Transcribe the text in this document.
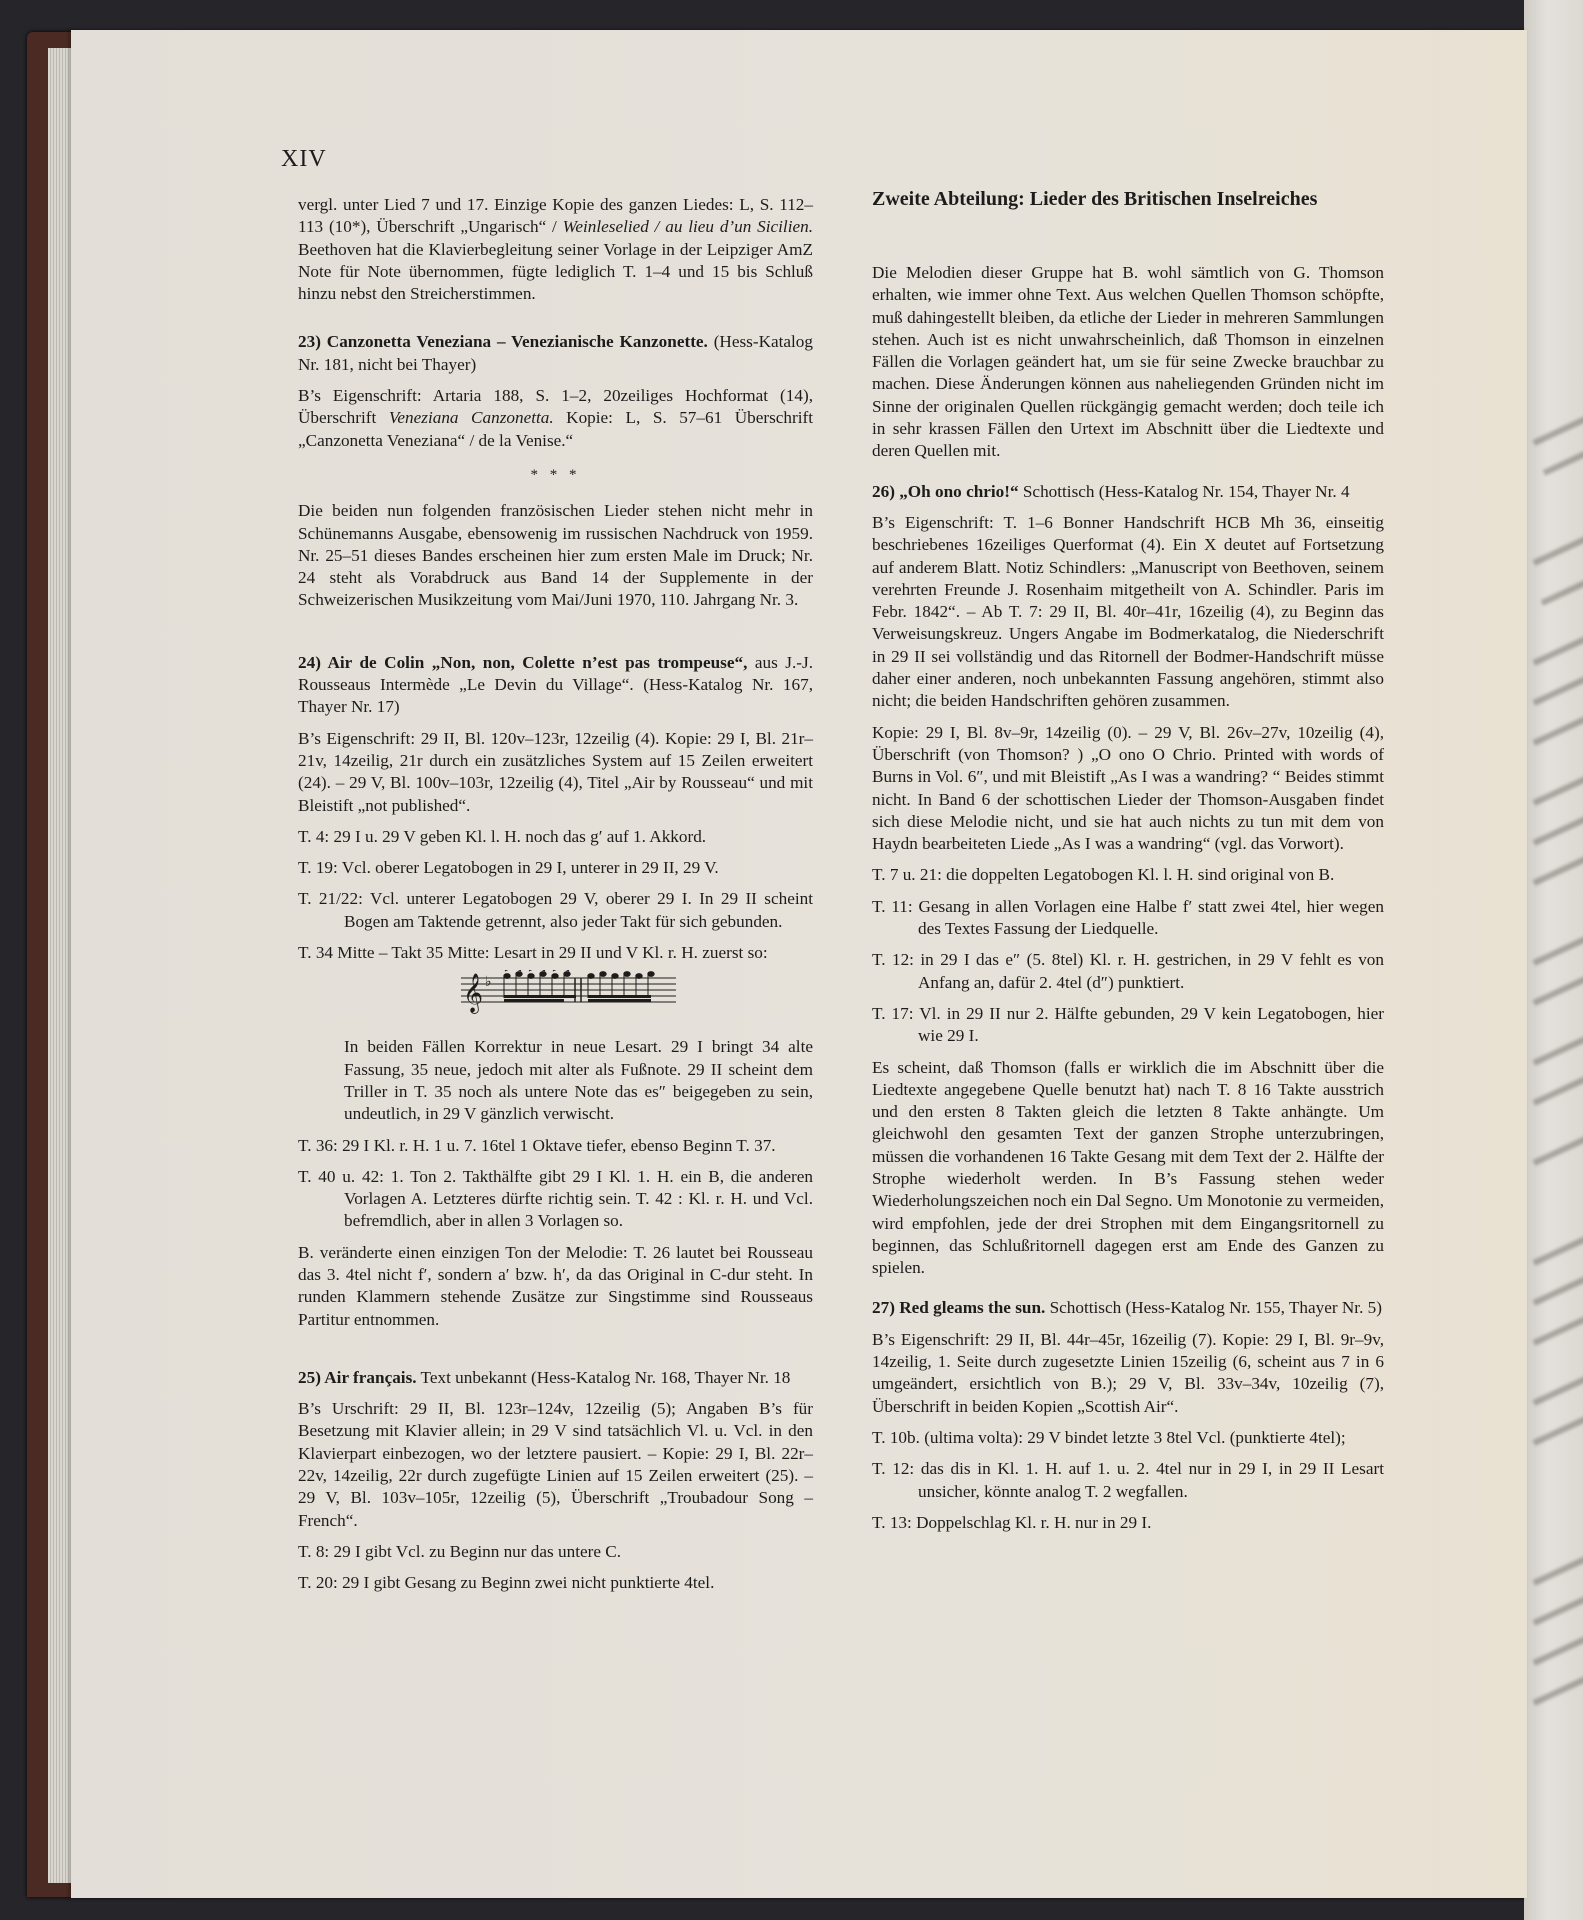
XIV

vergl. unter Lied 7 und 17. Einzige Kopie des ganzen Liedes: L, S. 112–113 (10*), Überschrift „Ungarisch“ / Weinleselied / au lieu d’un Sicilien. Beethoven hat die Klavierbegleitung seiner Vorlage in der Leipziger AmZ Note für Note übernommen, fügte lediglich T. 1–4 und 15 bis Schluß hinzu nebst den Streicherstimmen.

23) Canzonetta Veneziana – Venezianische Kanzonette. (Hess-Katalog Nr. 181, nicht bei Thayer)

B’s Eigenschrift: Artaria 188, S. 1–2, 20zeiliges Hochformat (14), Überschrift Veneziana Canzonetta. Kopie: L, S. 57–61 Überschrift „Canzonetta Veneziana“ / de la Venise.“

* * *

Die beiden nun folgenden französischen Lieder stehen nicht mehr in Schünemanns Ausgabe, ebensowenig im russischen Nachdruck von 1959. Nr. 25–51 dieses Bandes erscheinen hier zum ersten Male im Druck; Nr. 24 steht als Vorabdruck aus Band 14 der Supplemente in der Schweizerischen Musikzeitung vom Mai/Juni 1970, 110. Jahrgang Nr. 3.

24) Air de Colin „Non, non, Colette n’est pas trompeuse“, aus J.-J. Rousseaus Intermède „Le Devin du Village“. (Hess-Katalog Nr. 167, Thayer Nr. 17)

B’s Eigenschrift: 29 II, Bl. 120v–123r, 12zeilig (4). Kopie: 29 I, Bl. 21r–21v, 14zeilig, 21r durch ein zusätzliches System auf 15 Zeilen erweitert (24). – 29 V, Bl. 100v–103r, 12zeilig (4), Titel „Air by Rousseau“ und mit Bleistift „not published“.

T. 4: 29 I u. 29 V geben Kl. l. H. noch das g′ auf 1. Akkord.

T. 19: Vcl. oberer Legatobogen in 29 I, unterer in 29 II, 29 V.

T. 21/22: Vcl. unterer Legatobogen 29 V, oberer 29 I. In 29 II scheint Bogen am Taktende getrennt, also jeder Takt für sich gebunden.

T. 34 Mitte – Takt 35 Mitte: Lesart in 29 II und V Kl. r. H. zuerst so:

𝄞 ♭

In beiden Fällen Korrektur in neue Lesart. 29 I bringt 34 alte Fassung, 35 neue, jedoch mit alter als Fußnote. 29 II scheint dem Triller in T. 35 noch als untere Note das es″ beigegeben zu sein, undeutlich, in 29 V gänzlich verwischt.

T. 36: 29 I Kl. r. H. 1 u. 7. 16tel 1 Oktave tiefer, ebenso Beginn T. 37.

T. 40 u. 42: 1. Ton 2. Takthälfte gibt 29 I Kl. 1. H. ein B, die anderen Vorlagen A. Letzteres dürfte richtig sein. T. 42 : Kl. r. H. und Vcl. befremdlich, aber in allen 3 Vorlagen so.

B. veränderte einen einzigen Ton der Melodie: T. 26 lautet bei Rousseau das 3. 4tel nicht f′, sondern a′ bzw. h′, da das Original in C-dur steht. In runden Klammern stehende Zusätze zur Singstimme sind Rousseaus Partitur entnommen.

25) Air français. Text unbekannt (Hess-Katalog Nr. 168, Thayer Nr. 18

B’s Urschrift: 29 II, Bl. 123r–124v, 12zeilig (5); Angaben B’s für Besetzung mit Klavier allein; in 29 V sind tatsächlich Vl. u. Vcl. in den Klavierpart einbezogen, wo der letztere pausiert. – Kopie: 29 I, Bl. 22r–22v, 14zeilig, 22r durch zugefügte Linien auf 15 Zeilen erweitert (25). – 29 V, Bl. 103v–105r, 12zeilig (5), Überschrift „Troubadour Song – French“.

T. 8: 29 I gibt Vcl. zu Beginn nur das untere C.

T. 20: 29 I gibt Gesang zu Beginn zwei nicht punktierte 4tel.

Zweite Abteilung: Lieder des Britischen Inselreiches

Die Melodien dieser Gruppe hat B. wohl sämtlich von G. Thomson erhalten, wie immer ohne Text. Aus welchen Quellen Thomson schöpfte, muß dahingestellt bleiben, da etliche der Lieder in mehreren Sammlungen stehen. Auch ist es nicht unwahrscheinlich, daß Thomson in einzelnen Fällen die Vorlagen geändert hat, um sie für seine Zwecke brauchbar zu machen. Diese Änderungen können aus naheliegenden Gründen nicht im Sinne der originalen Quellen rückgängig gemacht werden; doch teile ich in sehr krassen Fällen den Urtext im Abschnitt über die Liedtexte und deren Quellen mit.

26) „Oh ono chrio!“ Schottisch (Hess-Katalog Nr. 154, Thayer Nr. 4

B’s Eigenschrift: T. 1–6 Bonner Handschrift HCB Mh 36, einseitig beschriebenes 16zeiliges Querformat (4). Ein X deutet auf Fortsetzung auf anderem Blatt. Notiz Schindlers: „Manuscript von Beethoven, seinem verehrten Freunde J. Rosenhaim mitgetheilt von A. Schindler. Paris im Febr. 1842“. – Ab T. 7: 29 II, Bl. 40r–41r, 16zeilig (4), zu Beginn das Verweisungskreuz. Ungers Angabe im Bodmerkatalog, die Niederschrift in 29 II sei vollständig und das Ritornell der Bodmer-Handschrift müsse daher einer anderen, noch unbekannten Fassung angehören, stimmt also nicht; die beiden Handschriften gehören zusammen.

Kopie: 29 I, Bl. 8v–9r, 14zeilig (0). – 29 V, Bl. 26v–27v, 10zeilig (4), Überschrift (von Thomson? ) „O ono O Chrio. Printed with words of Burns in Vol. 6″, und mit Bleistift „As I was a wandring? “ Beides stimmt nicht. In Band 6 der schottischen Lieder der Thomson-Ausgaben findet sich diese Melodie nicht, und sie hat auch nichts zu tun mit dem von Haydn bearbeiteten Liede „As I was a wandring“ (vgl. das Vorwort).

T. 7 u. 21: die doppelten Legatobogen Kl. l. H. sind original von B.

T. 11: Gesang in allen Vorlagen eine Halbe f′ statt zwei 4tel, hier wegen des Textes Fassung der Liedquelle.

T. 12: in 29 I das e″ (5. 8tel) Kl. r. H. gestrichen, in 29 V fehlt es von Anfang an, dafür 2. 4tel (d″) punktiert.

T. 17: Vl. in 29 II nur 2. Hälfte gebunden, 29 V kein Legatobogen, hier wie 29 I.

Es scheint, daß Thomson (falls er wirklich die im Abschnitt über die Liedtexte angegebene Quelle benutzt hat) nach T. 8 16 Takte ausstrich und den ersten 8 Takten gleich die letzten 8 Takte anhängte. Um gleichwohl den gesamten Text der ganzen Strophe unterzubringen, müssen die vorhandenen 16 Takte Gesang mit dem Text der 2. Hälfte der Strophe wiederholt werden. In B’s Fassung stehen weder Wiederholungszeichen noch ein Dal Segno. Um Monotonie zu vermeiden, wird empfohlen, jede der drei Strophen mit dem Eingangsritornell zu beginnen, das Schlußritornell dagegen erst am Ende des Ganzen zu spielen.

27) Red gleams the sun. Schottisch (Hess-Katalog Nr. 155, Thayer Nr. 5)

B’s Eigenschrift: 29 II, Bl. 44r–45r, 16zeilig (7). Kopie: 29 I, Bl. 9r–9v, 14zeilig, 1. Seite durch zugesetzte Linien 15zeilig (6, scheint aus 7 in 6 umgeändert, ersichtlich von B.); 29 V, Bl. 33v–34v, 10zeilig (7), Überschrift in beiden Kopien „Scottish Air“.

T. 10b. (ultima volta): 29 V bindet letzte 3 8tel Vcl. (punktierte 4tel);

T. 12: das dis in Kl. 1. H. auf 1. u. 2. 4tel nur in 29 I, in 29 II Lesart unsicher, könnte analog T. 2 wegfallen.

T. 13: Doppelschlag Kl. r. H. nur in 29 I.
